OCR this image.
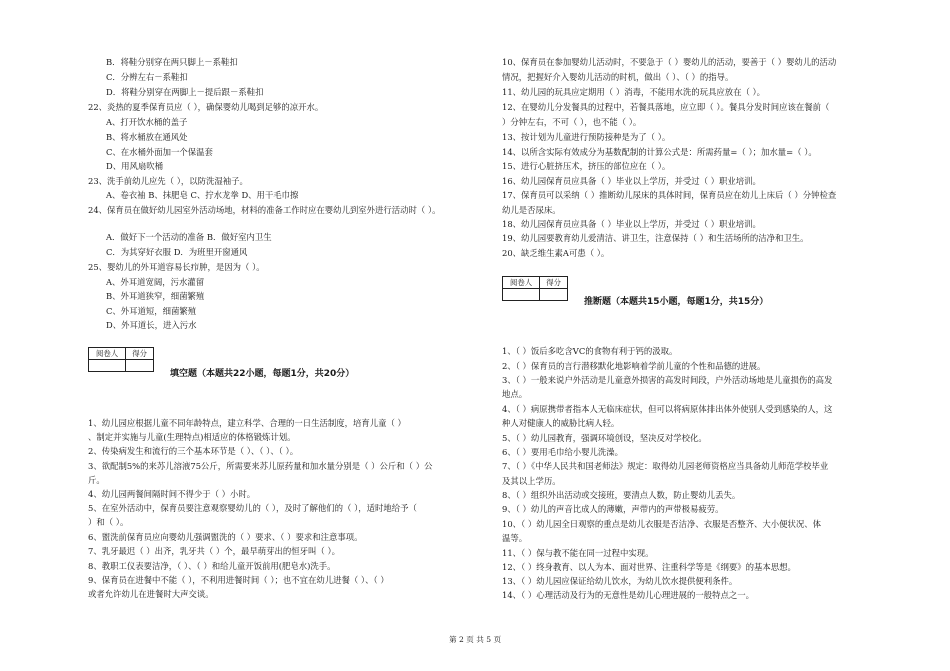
B．将鞋分别穿在两只脚上－系鞋扣
C．分辨左右－系鞋扣
D．将鞋分别穿在两脚上－提后跟－系鞋扣
22、炎热的夏季保育员应（ ），确保婴幼儿喝到足够的凉开水。
A、打开饮水桶的盖子
B、将水桶放在通风处
C、在水桶外面加一个保温套
D、用风扇吹桶
23、洗手前幼儿应先（ ），以防洗湿袖子。
A、卷衣袖 B、抹肥皂 C、拧水龙拳 D、用干毛巾擦
24、保育员在做好幼儿园室外活动场地，材料的准备工作时应在婴幼儿到室外进行活动时（ ）。
A．做好下一个活动的准备 B．做好室内卫生
C．为其穿好衣服 D．为班里开窗通风
25、婴幼儿的外耳道容易长疖肿，是因为（ ）。
A、外耳道宽阔，污水灌留
B、外耳道狭窄，细菌繁殖
C、外耳道短，细菌繁殖
D、外耳道长，进入污水
阅卷人	得分

填空题（本题共22小题，每题1分，共20分）
1、幼儿园应根据儿童不同年龄特点，建立科学、合理的一日生活制度，培育儿童（ ）
、制定并实施与儿童(生理特点)相适应的体格锻炼计划。
2、传染病发生和流行的三个基本环节是（ ）、（ ）、（ ）。
3、欲配制5%的来苏儿溶液75公斤，所需要来苏儿原药量和加水量分别是（ ）公斤和（ ）公
斤。
4、幼儿园两餐间隔时间不得少于（ ）小时。
5、在室外活动中，保育员要注意观察婴幼儿的（ ），及时了解他们的（ ），适时地给予（
）和（ ）。
6、盥洗前保育员应向婴幼儿强调盥洗的（ ）要求、（ ）要求和注意事项。
7、乳牙最迟（ ）出齐，乳牙共（ ）个，最早萌芽出的恒牙叫（ ）。
8、教职工仪表要洁净，（ ）、（ ）和给儿童开饭前用(肥皂水)洗手。
9、保育员在进餐中不能（ ），不利用进餐时间（ ）；也不宜在幼儿进餐（ ）、（ ）
或者允许幼儿在进餐时大声交谈。
10、保育员在参加婴幼儿活动时，不要急于（ ）婴幼儿的活动，要善于（ ）婴幼儿的活动
情况，把握好介入婴幼儿活动的时机，做出（ ）、（ ）的指导。
11、幼儿园的玩具应定期用（ ）消毒，不能用水洗的玩具应放在（ ）。
12、在婴幼儿分发餐具的过程中，若餐具落地，应立即（ ）。餐具分发时间应该在餐前（
）分钟左右，不可（ ），也不能（ ）。
13、按计划为儿童进行预防接种是为了（ ）。
14、以所含实际有效成分为基数配制的计算公式是：所需药量=（ ）；加水量=（ ）。
15、进行心脏挤压术，挤压的部位应在（ ）。
16、幼儿园保育员应具备（ ）毕业以上学历，并受过（ ）职业培训。
17、保育员可以采纳（ ）推断幼儿尿床的具体时间，保育员应在幼儿上床后（ ）分钟检查
幼儿是否尿床。
18、幼儿园保育员应具备（ ）毕业以上学历，并受过（ ）职业培训。
19、幼儿园要教育幼儿爱清洁、讲卫生，注意保持（ ）和生活场所的洁净和卫生。
20、缺乏维生素A可患（ ）。
阅卷人	得分

推断题（本题共15小题，每题1分，共15分）
1、（ ）饭后多吃含VC的食物有利于钙的汲取。
2、（ ）保育员的言行潜移默化地影响着学前儿童的个性和品德的进展。
3、（ ）一般来说户外活动是儿童意外损害的高发时间段，户外活动场地是儿童损伤的高发
地点。
4、（ ）病原携带者指本人无临床症状，但可以将病原体排出体外使别人受到感染的人，这
种人对健康人的威胁比病人轻。
5、（ ）幼儿园教育，强调环境创设，坚决反对学校化。
6、（ ）要用毛巾给小婴儿洗澡。
7、（ ）《中华人民共和国老师法》规定：取得幼儿园老师资格应当具备幼儿师范学校毕业
及其以上学历。
8、（ ）组织外出活动或交接班，要清点人数，防止婴幼儿丢失。
9、（ ）幼儿的声音比成人的薄嫩，声带内的声带极易疲劳。
10、（ ）幼儿园全日观察的重点是幼儿衣服是否洁净、衣服是否整齐、大小便状况、体
温等。
11、（ ）保与教不能在同一过程中实现。
12、（ ）终身教育、以人为本、面对世界、注重科学等是《纲要》的基本思想。
13、（ ）幼儿园应保证给幼儿饮水，为幼儿饮水提供便利条件。
14、（ ）心理活动及行为的无意性是幼儿心理进展的一般特点之一。
第 2 页 共 5 页
